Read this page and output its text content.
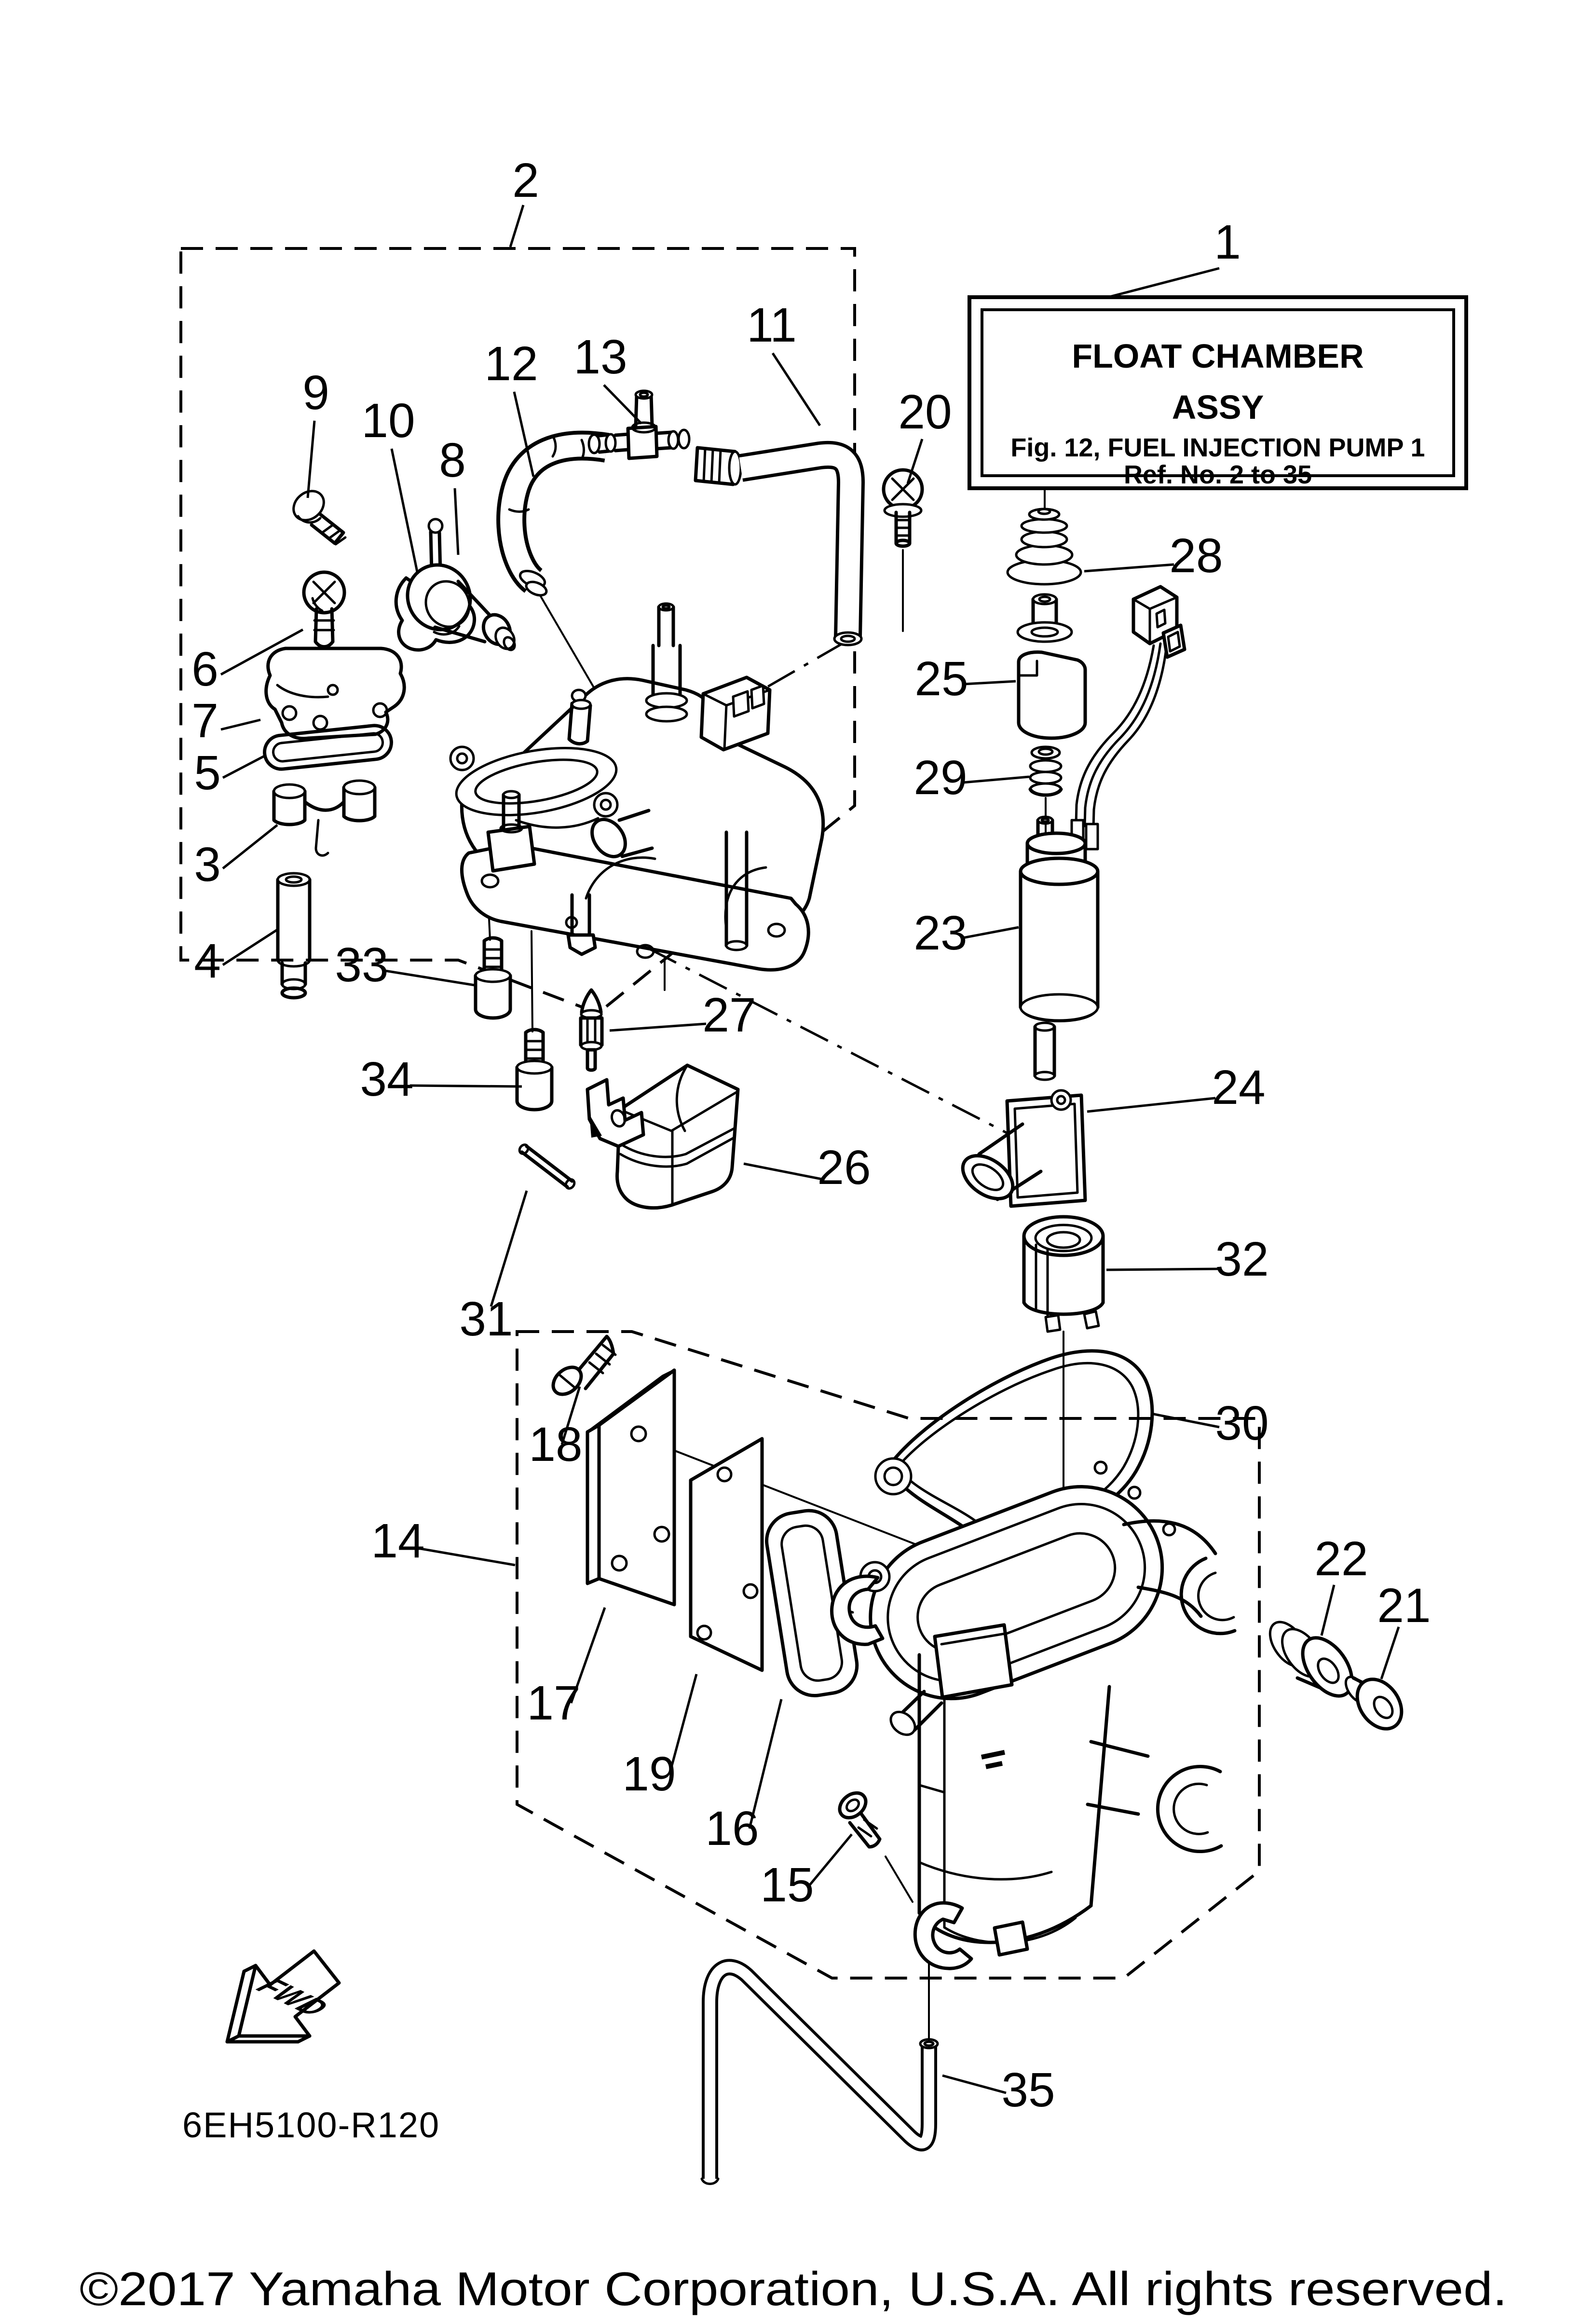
FLOAT CHAMBER
ASSY
Fig. 12, FUEL INJECTION PUMP 1
Ref. No. 2 to 35
FWD
6EH5100-R120
©2017 Yamaha Motor Corporation, U.S.A. All rights reserved.
1
2
3
4
5
6
7
8
9
10
11
12 13
14
15
16
17
18
19
20
21
22
23
24
25
26
27
28
29
30
31
32
33
34
35
